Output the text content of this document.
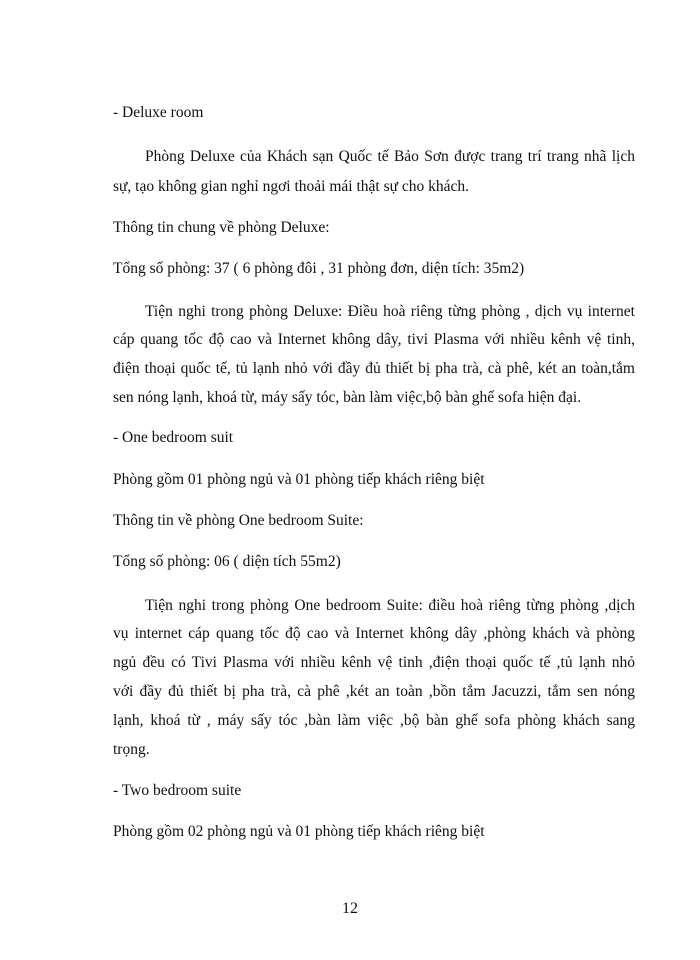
- Deluxe room
Phòng Deluxe của Khách sạn Quốc tế Bảo Sơn được trang trí trang nhã lịch
sự, tạo không gian nghỉ ngơi thoải mái thật sự cho khách.
Thông tin chung về phòng Deluxe:
Tổng số phòng: 37 ( 6 phòng đôi , 31 phòng đơn, diện tích: 35m2)
Tiện nghi trong phòng Deluxe: Điều hoà riêng từng phòng , dịch vụ internet
cáp quang tốc độ cao và Internet không dây, tivi Plasma với nhiều kênh vệ tinh,
điện thoại quốc tế, tủ lạnh nhỏ với đầy đủ thiết bị pha trà, cà phê, két an toàn,tắm
sen nóng lạnh, khoá từ, máy sấy tóc, bàn làm việc,bộ bàn ghế sofa hiện đại.
- One bedroom suit
Phòng gồm 01 phòng ngủ và 01 phòng tiếp khách riêng biệt
Thông tin về phòng One bedroom Suite:
Tổng số phòng: 06 ( diện tích 55m2)
Tiện nghi trong phòng One bedroom Suite: điều hoà riêng từng phòng ,dịch
vụ internet cáp quang tốc độ cao và Internet không dây ,phòng khách và phòng
ngủ đều có Tivi Plasma với nhiều kênh vệ tinh ,điện thoại quốc tế ,tủ lạnh nhỏ
với đầy đủ thiết bị pha trà, cà phê ,két an toàn ,bồn tắm Jacuzzi, tắm sen nóng
lạnh, khoá từ , máy sấy tóc ,bàn làm việc ,bộ bàn ghế sofa phòng khách sang
trọng.
- Two bedroom suite
Phòng gồm 02 phòng ngủ và 01 phòng tiếp khách riêng biệt
12
